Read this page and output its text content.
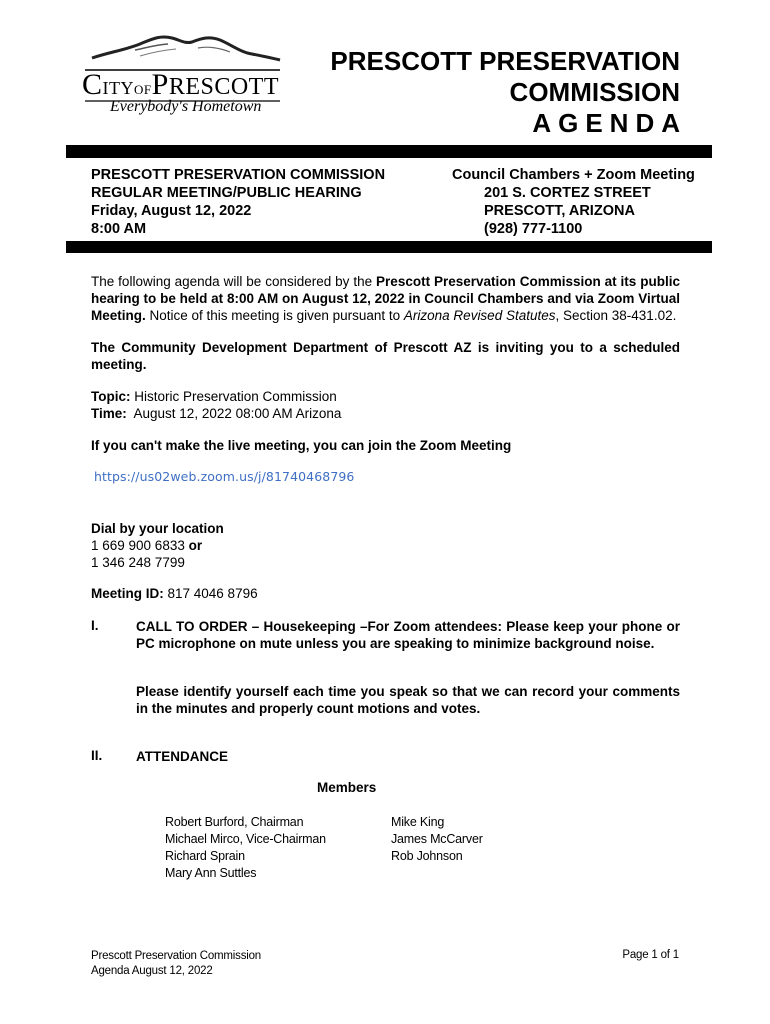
CITYOFPRESCOTT
Everybody's Hometown
PRESCOTT PRESERVATION
COMMISSION
AGENDA
PRESCOTT PRESERVATION COMMISSION
REGULAR MEETING/PUBLIC HEARING
Friday, August 12, 2022
8:00 AM
Council Chambers + Zoom Meeting
201 S. CORTEZ STREET
PRESCOTT, ARIZONA
(928) 777-1100
The following agenda will be considered by the Prescott Preservation Commission at its public hearing to be held at 8:00 AM on August 12, 2022 in Council Chambers and via Zoom Virtual Meeting. Notice of this meeting is given pursuant to Arizona Revised Statutes, Section 38-431.02.
The Community Development Department of Prescott AZ is inviting you to a scheduled meeting.
Topic: Historic Preservation Commission
Time:  August 12, 2022 08:00 AM Arizona
If you can't make the live meeting, you can join the Zoom Meeting
https://us02web.zoom.us/j/81740468796
Dial by your location
1 669 900 6833 or
1 346 248 7799
Meeting ID: 817 4046 8796
I.	CALL TO ORDER – Housekeeping –For Zoom attendees: Please keep your phone or PC microphone on mute unless you are speaking to minimize background noise.
Please identify yourself each time you speak so that we can record your comments in the minutes and properly count motions and votes.
II. ATTENDANCE
Members
Robert Burford, Chairman
Michael Mirco, Vice-Chairman
Richard Sprain
Mary Ann Suttles
Mike King
James McCarver
Rob Johnson
Prescott Preservation Commission
Agenda August 12, 2022
Page 1 of 1
